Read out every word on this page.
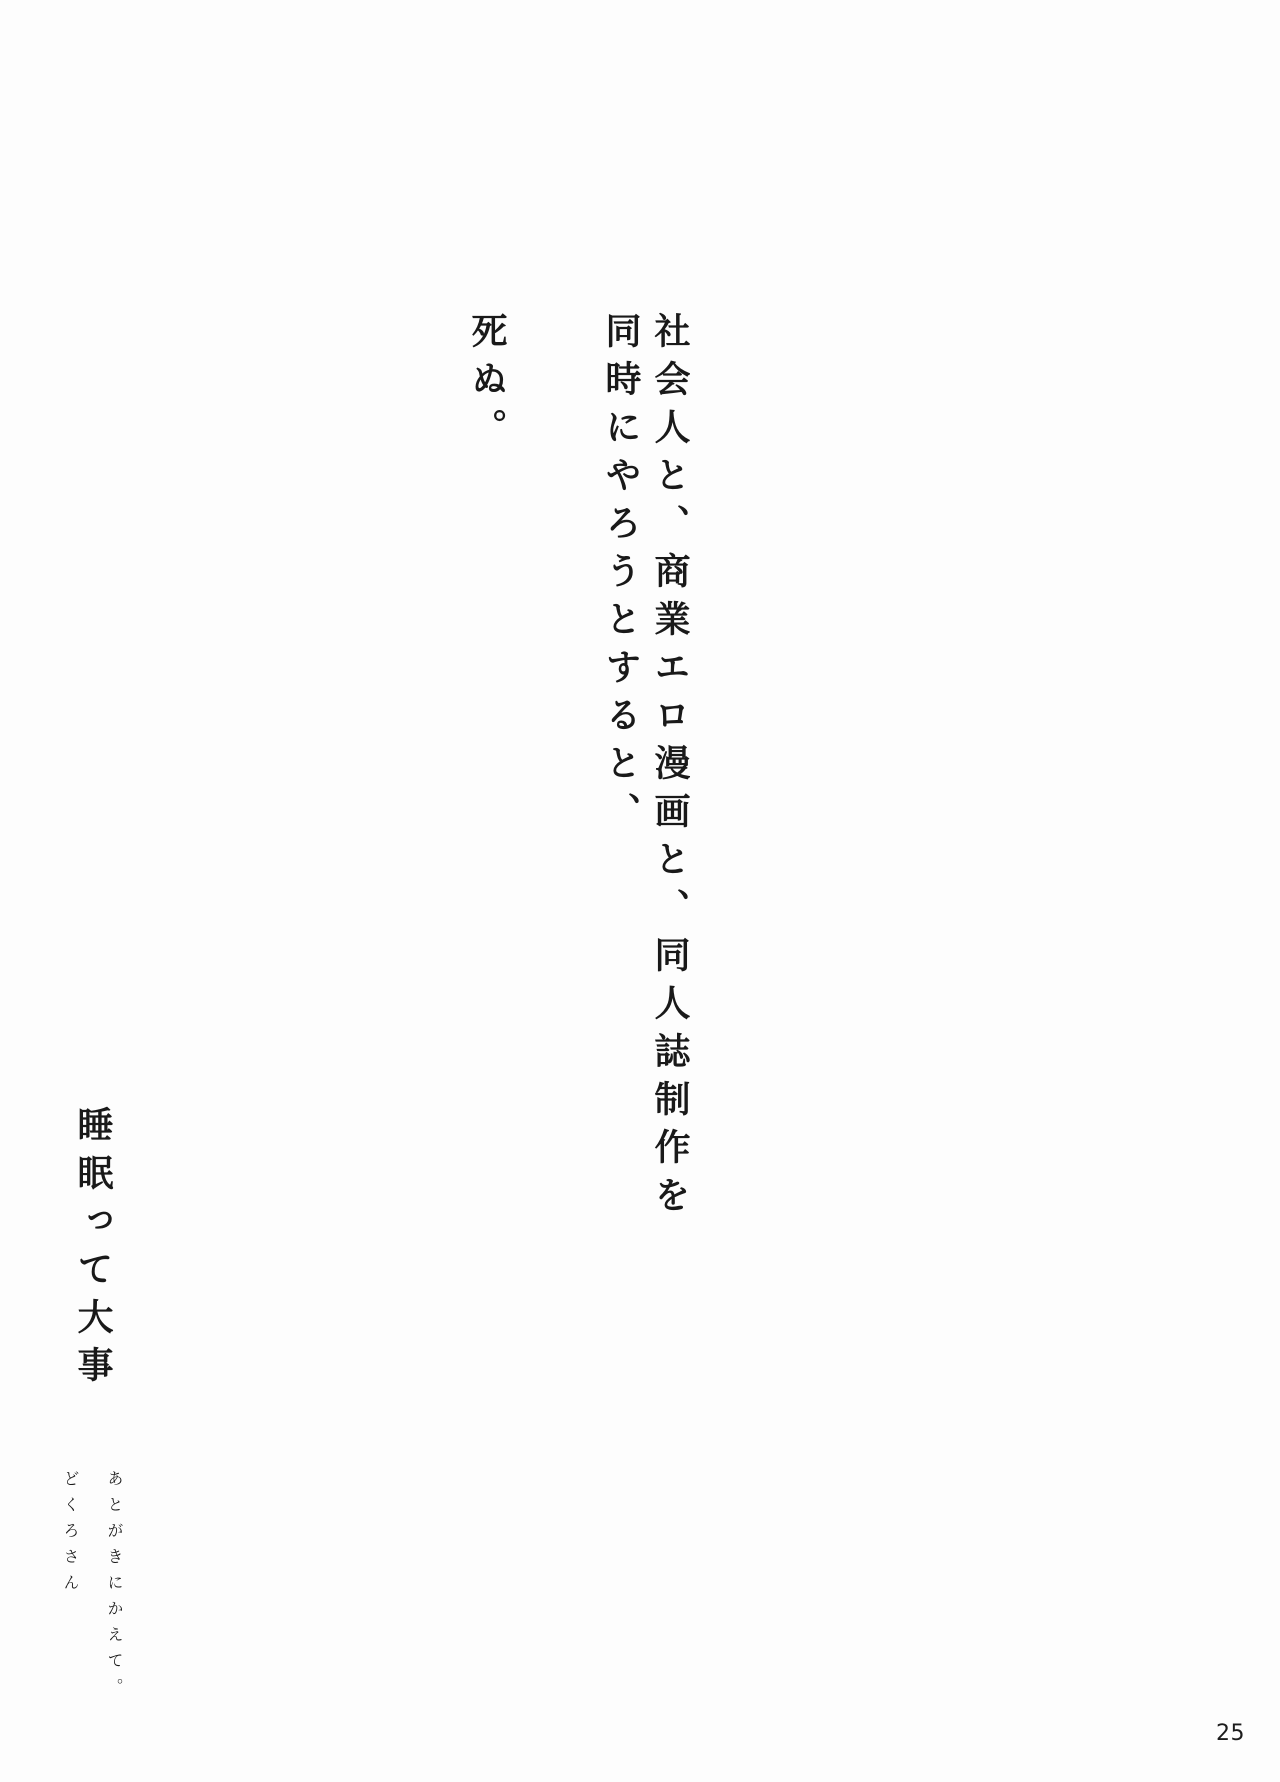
社会人と、商業エロ漫画と、同人誌制作を
同時にやろうとすると、
死ぬ。
睡眠って大事
あとがきにかえて。
どくろさん
25
